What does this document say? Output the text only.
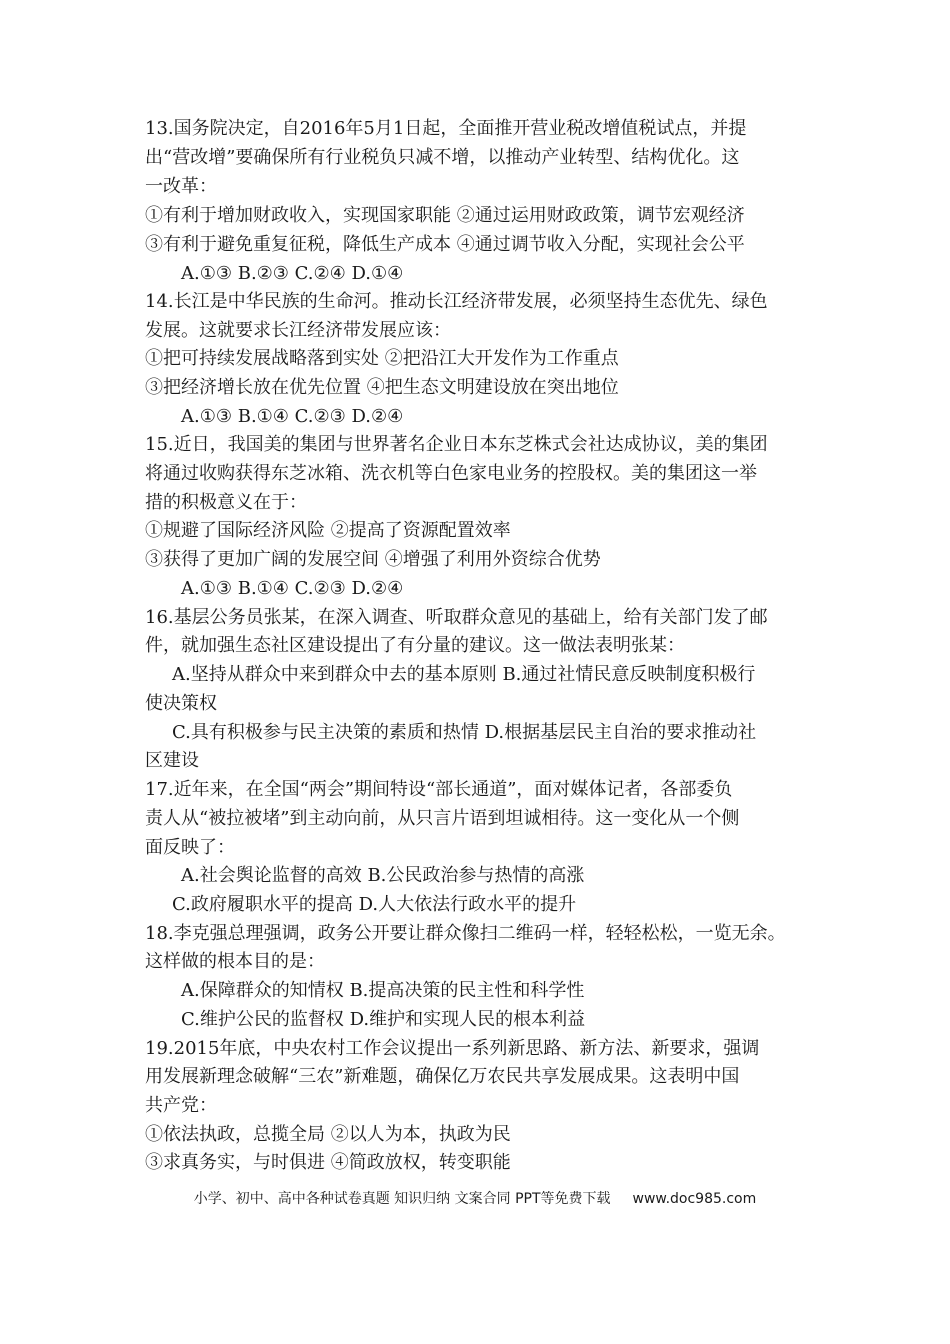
13.国务院决定，自2016年5月1日起，全面推开营业税改增值税试点，并提
出“营改增”要确保所有行业税负只减不增，以推动产业转型、结构优化。这
一改革：
①有利于增加财政收入，实现国家职能 ②通过运用财政政策，调节宏观经济
③有利于避免重复征税，降低生产成本 ④通过调节收入分配，实现社会公平
A.①③ B.②③ C.②④ D.①④
14.长江是中华民族的生命河。推动长江经济带发展，必须坚持生态优先、绿色
发展。这就要求长江经济带发展应该：
①把可持续发展战略落到实处 ②把沿江大开发作为工作重点
③把经济增长放在优先位置 ④把生态文明建设放在突出地位
A.①③ B.①④ C.②③ D.②④
15.近日，我国美的集团与世界著名企业日本东芝株式会社达成协议，美的集团
将通过收购获得东芝冰箱、洗衣机等白色家电业务的控股权。美的集团这一举
措的积极意义在于：
①规避了国际经济风险 ②提高了资源配置效率
③获得了更加广阔的发展空间 ④增强了利用外资综合优势
A.①③ B.①④ C.②③ D.②④
16.基层公务员张某，在深入调查、听取群众意见的基础上，给有关部门发了邮
件，就加强生态社区建设提出了有分量的建议。这一做法表明张某：
A.坚持从群众中来到群众中去的基本原则 B.通过社情民意反映制度积极行
使决策权
C.具有积极参与民主决策的素质和热情 D.根据基层民主自治的要求推动社
区建设
17.近年来，在全国“两会”期间特设“部长通道”，面对媒体记者，各部委负
责人从“被拉被堵”到主动向前，从只言片语到坦诚相待。这一变化从一个侧
面反映了：
A.社会舆论监督的高效 B.公民政治参与热情的高涨
C.政府履职水平的提高 D.人大依法行政水平的提升
18.李克强总理强调，政务公开要让群众像扫二维码一样，轻轻松松，一览无余。
这样做的根本目的是：
A.保障群众的知情权 B.提高决策的民主性和科学性
C.维护公民的监督权 D.维护和实现人民的根本利益
19.2015年底，中央农村工作会议提出一系列新思路、新方法、新要求，强调
用发展新理念破解“三农”新难题，确保亿万农民共享发展成果。这表明中国
共产党：
①依法执政，总揽全局 ②以人为本，执政为民
③求真务实，与时俱进 ④简政放权，转变职能
小学、初中、高中各种试卷真题 知识归纳 文案合同 PPT等免费下载 www.doc985.com
